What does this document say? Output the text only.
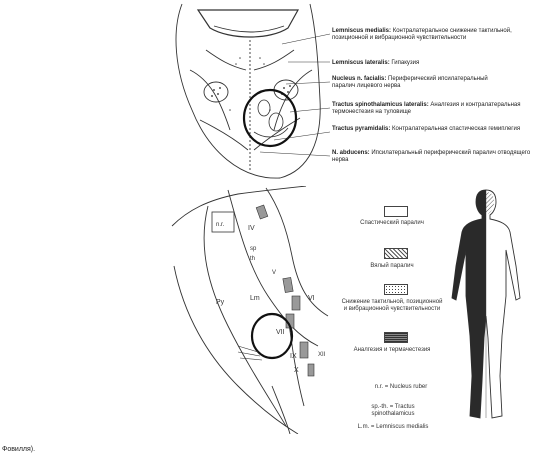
Lemniscus medialis: Контралатеральное снижение тактильной, позиционной и вибрационной чувствительности
Lemniscus lateralis: Гипакузия
Nucleus n. facialis: Периферический ипсилатеральный паралич лицевого нерва
Tractus spinothalamicus lateralis: Аналгезия и контралатеральная термонестезия на туловище
Tractus pyramidalis: Контралатеральная спастическая гемиплегия
N. abducens: Ипсилатеральный периферический паралич отводящего нерва
n.r.	IV
sp
th
Py
Lm
V
VI
VII
IX
X
XII
Спастический паралич
Вялый паралич
Снижение тактильной, позиционной и вибрационной чувствительности
Аналгезия и термачестезия
n.r. = Nucleus ruber
sp.-th. = Tractus spinothalamicus
L.m. = Lemniscus medialis
Фовилля).
